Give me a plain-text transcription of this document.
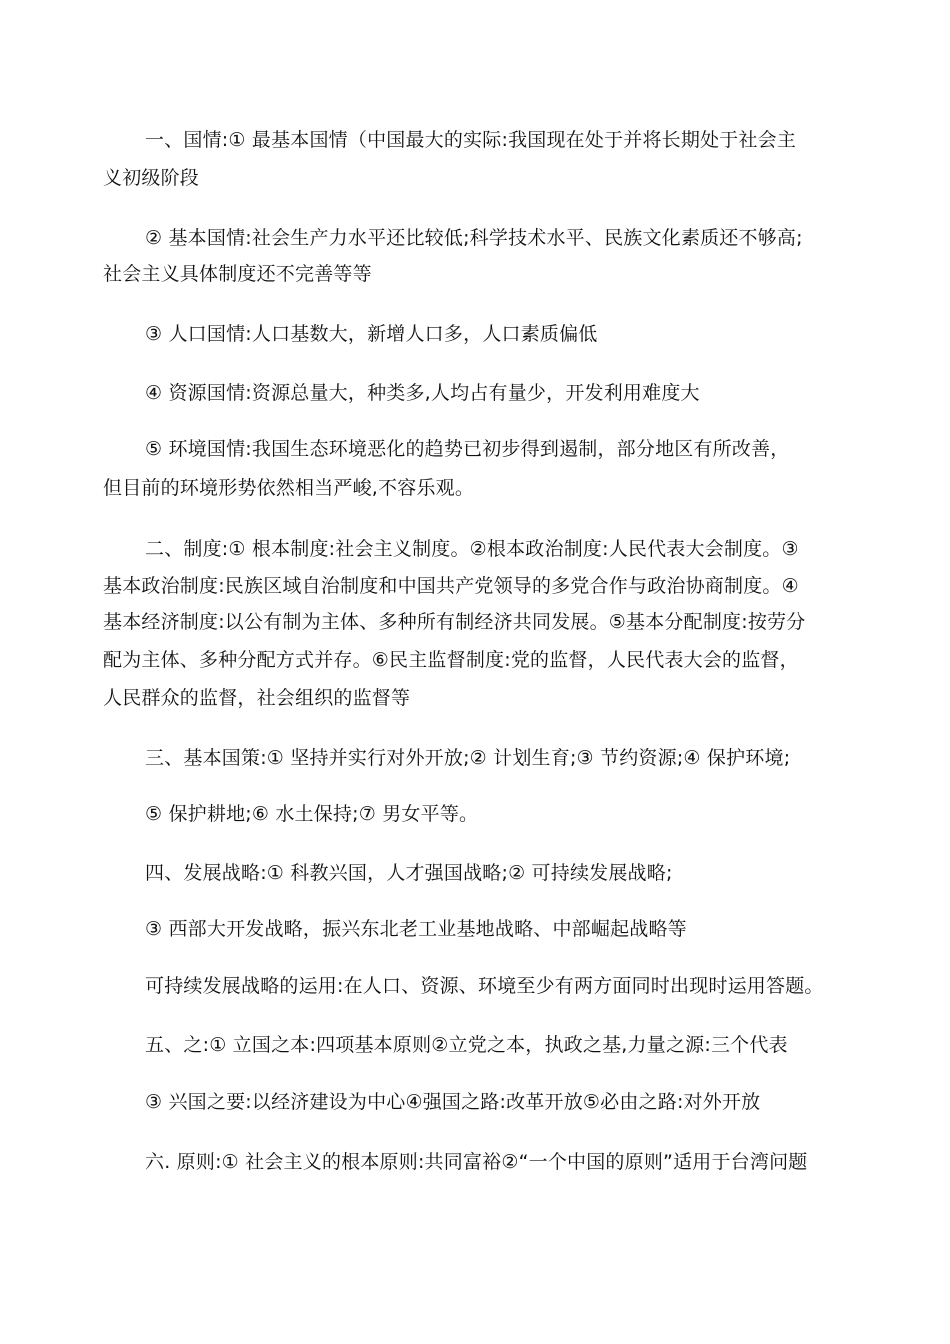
一、国情:① 最基本国情（中国最大的实际:我国现在处于并将长期处于社会主
义初级阶段
② 基本国情:社会生产力水平还比较低;科学技术水平、民族文化素质还不够高;
社会主义具体制度还不完善等等
③ 人口国情:人口基数大，新增人口多，人口素质偏低
④ 资源国情:资源总量大，种类多,人均占有量少，开发利用难度大
⑤ 环境国情:我国生态环境恶化的趋势已初步得到遏制，部分地区有所改善，
但目前的环境形势依然相当严峻,不容乐观。
二、制度:① 根本制度:社会主义制度。②根本政治制度:人民代表大会制度。③
基本政治制度:民族区域自治制度和中国共产党领导的多党合作与政治协商制度。④
基本经济制度:以公有制为主体、多种所有制经济共同发展。⑤基本分配制度:按劳分
配为主体、多种分配方式并存。⑥民主监督制度:党的监督，人民代表大会的监督，
人民群众的监督，社会组织的监督等
三、基本国策:① 坚持并实行对外开放;② 计划生育;③ 节约资源;④ 保护环境;
⑤ 保护耕地;⑥ 水土保持;⑦ 男女平等。
四、发展战略:① 科教兴国，人才强国战略;② 可持续发展战略;
③ 西部大开发战略，振兴东北老工业基地战略、中部崛起战略等
可持续发展战略的运用:在人口、资源、环境至少有两方面同时出现时运用答题。
五、之:① 立国之本:四项基本原则②立党之本，执政之基,力量之源:三个代表
③ 兴国之要:以经济建设为中心④强国之路:改革开放⑤必由之路:对外开放
六. 原则:① 社会主义的根本原则:共同富裕②“一个中国的原则”适用于台湾问题
